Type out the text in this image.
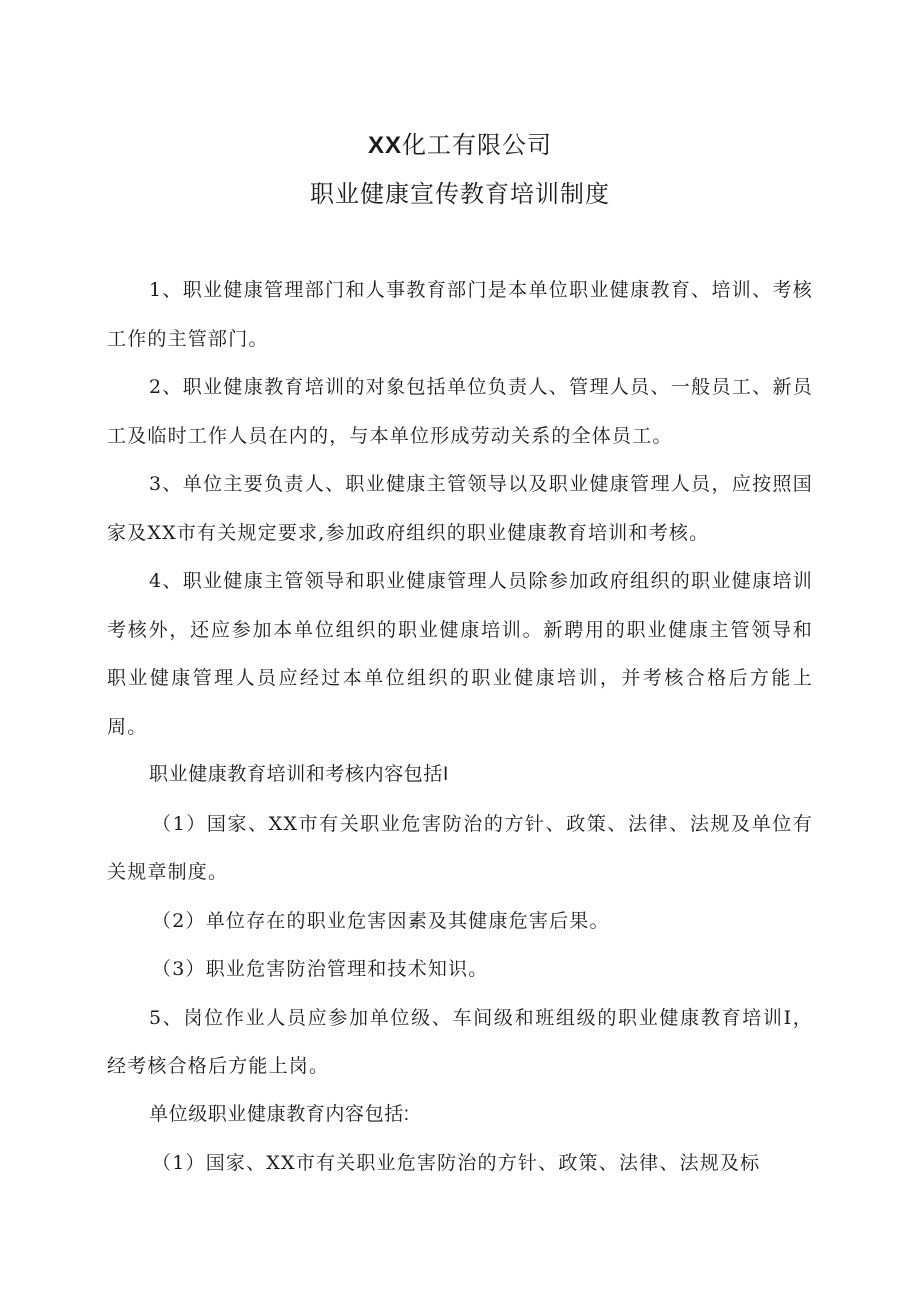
XX化工有限公司
职业健康宣传教育培训制度

1、职业健康管理部门和人事教育部门是本单位职业健康教育、培训、考核工作的主管部门。

2、职业健康教育培训的对象包括单位负责人、管理人员、一般员工、新员工及临时工作人员在内的，与本单位形成劳动关系的全体员工。

3、单位主要负责人、职业健康主管领导以及职业健康管理人员，应按照国家及XX市有关规定要求,参加政府组织的职业健康教育培训和考核。

4、职业健康主管领导和职业健康管理人员除参加政府组织的职业健康培训考核外，还应参加本单位组织的职业健康培训。新聘用的职业健康主管领导和职业健康管理人员应经过本单位组织的职业健康培训，并考核合格后方能上周。

职业健康教育培训和考核内容包括I

（1）国家、XX市有关职业危害防治的方针、政策、法律、法规及单位有关规章制度。

（2）单位存在的职业危害因素及其健康危害后果。

（3）职业危害防治管理和技术知识。

5、岗位作业人员应参加单位级、车间级和班组级的职业健康教育培训I，经考核合格后方能上岗。

单位级职业健康教育内容包括:

（1）国家、XX市有关职业危害防治的方针、政策、法律、法规及标
